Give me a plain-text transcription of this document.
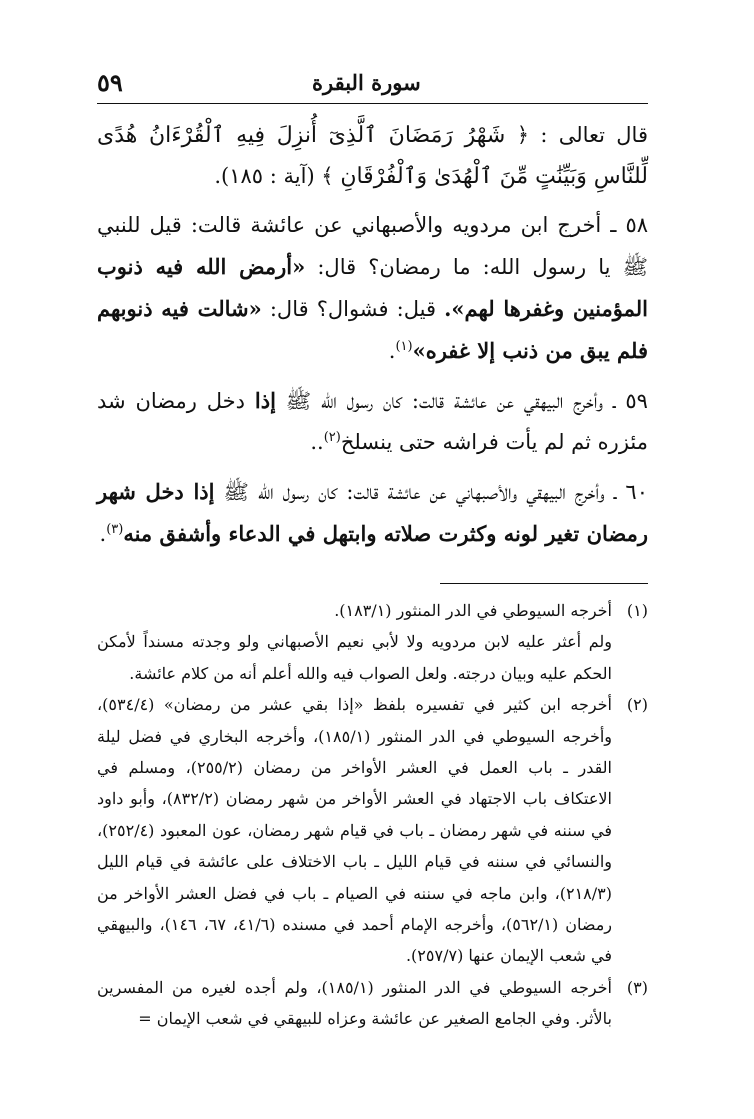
٥٩	سورة البقرة

قال تعالى : ﴿ شَهْرُ رَمَضَانَ ٱلَّذِىٓ أُنزِلَ فِيهِ ٱلْقُرْءَانُ هُدًى لِّلنَّاسِ وَبَيِّنَٰتٍ مِّنَ ٱلْهُدَىٰ وَٱلْفُرْقَانِ ﴾ (آية : ١٨٥).

٥٨ ـ أخرج ابن مردويه والأصبهاني عن عائشة قالت: قيل للنبي ﷺ يا رسول الله: ما رمضان؟ قال: «أرمض الله فيه ذنوب المؤمنين وغفرها لهم». قيل: فشوال؟ قال: «شالت فيه ذنوبهم فلم يبق من ذنب إلا غفره»$^{(١)}$.

٥٩ ـ وأخرج البيهقي عن عائشة قالت: كان رسول الله ﷺ إذا دخل رمضان شد مئزره ثم لم يأت فراشه حتى ينسلخ$^{(٢)}$..

٦٠ ـ وأخرج البيهقي والأصبهاني عن عائشة قالت: كان رسول الله ﷺ إذا دخل شهر رمضان تغير لونه وكثرت صلاته وابتهل في الدعاء وأشفق منه$^{(٣)}$.

(١)
أخرجه السيوطي في الدر المنثور (١٨٣/١).
ولم أعثر عليه لابن مردويه ولا لأبي نعيم الأصبهاني ولو وجدته مسنداً لأمكن الحكم عليه وبيان درجته. ولعل الصواب فيه والله أعلم أنه من كلام عائشة.
(٢)
أخرجه ابن كثير في تفسيره بلفظ «إذا بقي عشر من رمضان» (٥٣٤/٤)، وأخرجه السيوطي في الدر المنثور (١٨٥/١)، وأخرجه البخاري في فضل ليلة القدر ـ باب العمل في العشر الأواخر من رمضان (٢٥٥/٢)، ومسلم في الاعتكاف باب الاجتهاد في العشر الأواخر من شهر رمضان (٨٣٢/٢)، وأبو داود في سننه في شهر رمضان ـ باب في قيام شهر رمضان، عون المعبود (٢٥٢/٤)، والنسائي في سننه في قيام الليل ـ باب الاختلاف على عائشة في قيام الليل (٢١٨/٣)، وابن ماجه في سننه في الصيام ـ باب في فضل العشر الأواخر من رمضان (٥٦٢/١)، وأخرجه الإمام أحمد في مسنده (٤١/٦، ٦٧، ١٤٦)، والبيهقي في شعب الإيمان عنها (٢٥٧/٧).
(٣)
أخرجه السيوطي في الدر المنثور (١٨٥/١)، ولم أجده لغيره من المفسرين بالأثر. وفي الجامع الصغير عن عائشة وعزاه للبيهقي في شعب الإيمان =
